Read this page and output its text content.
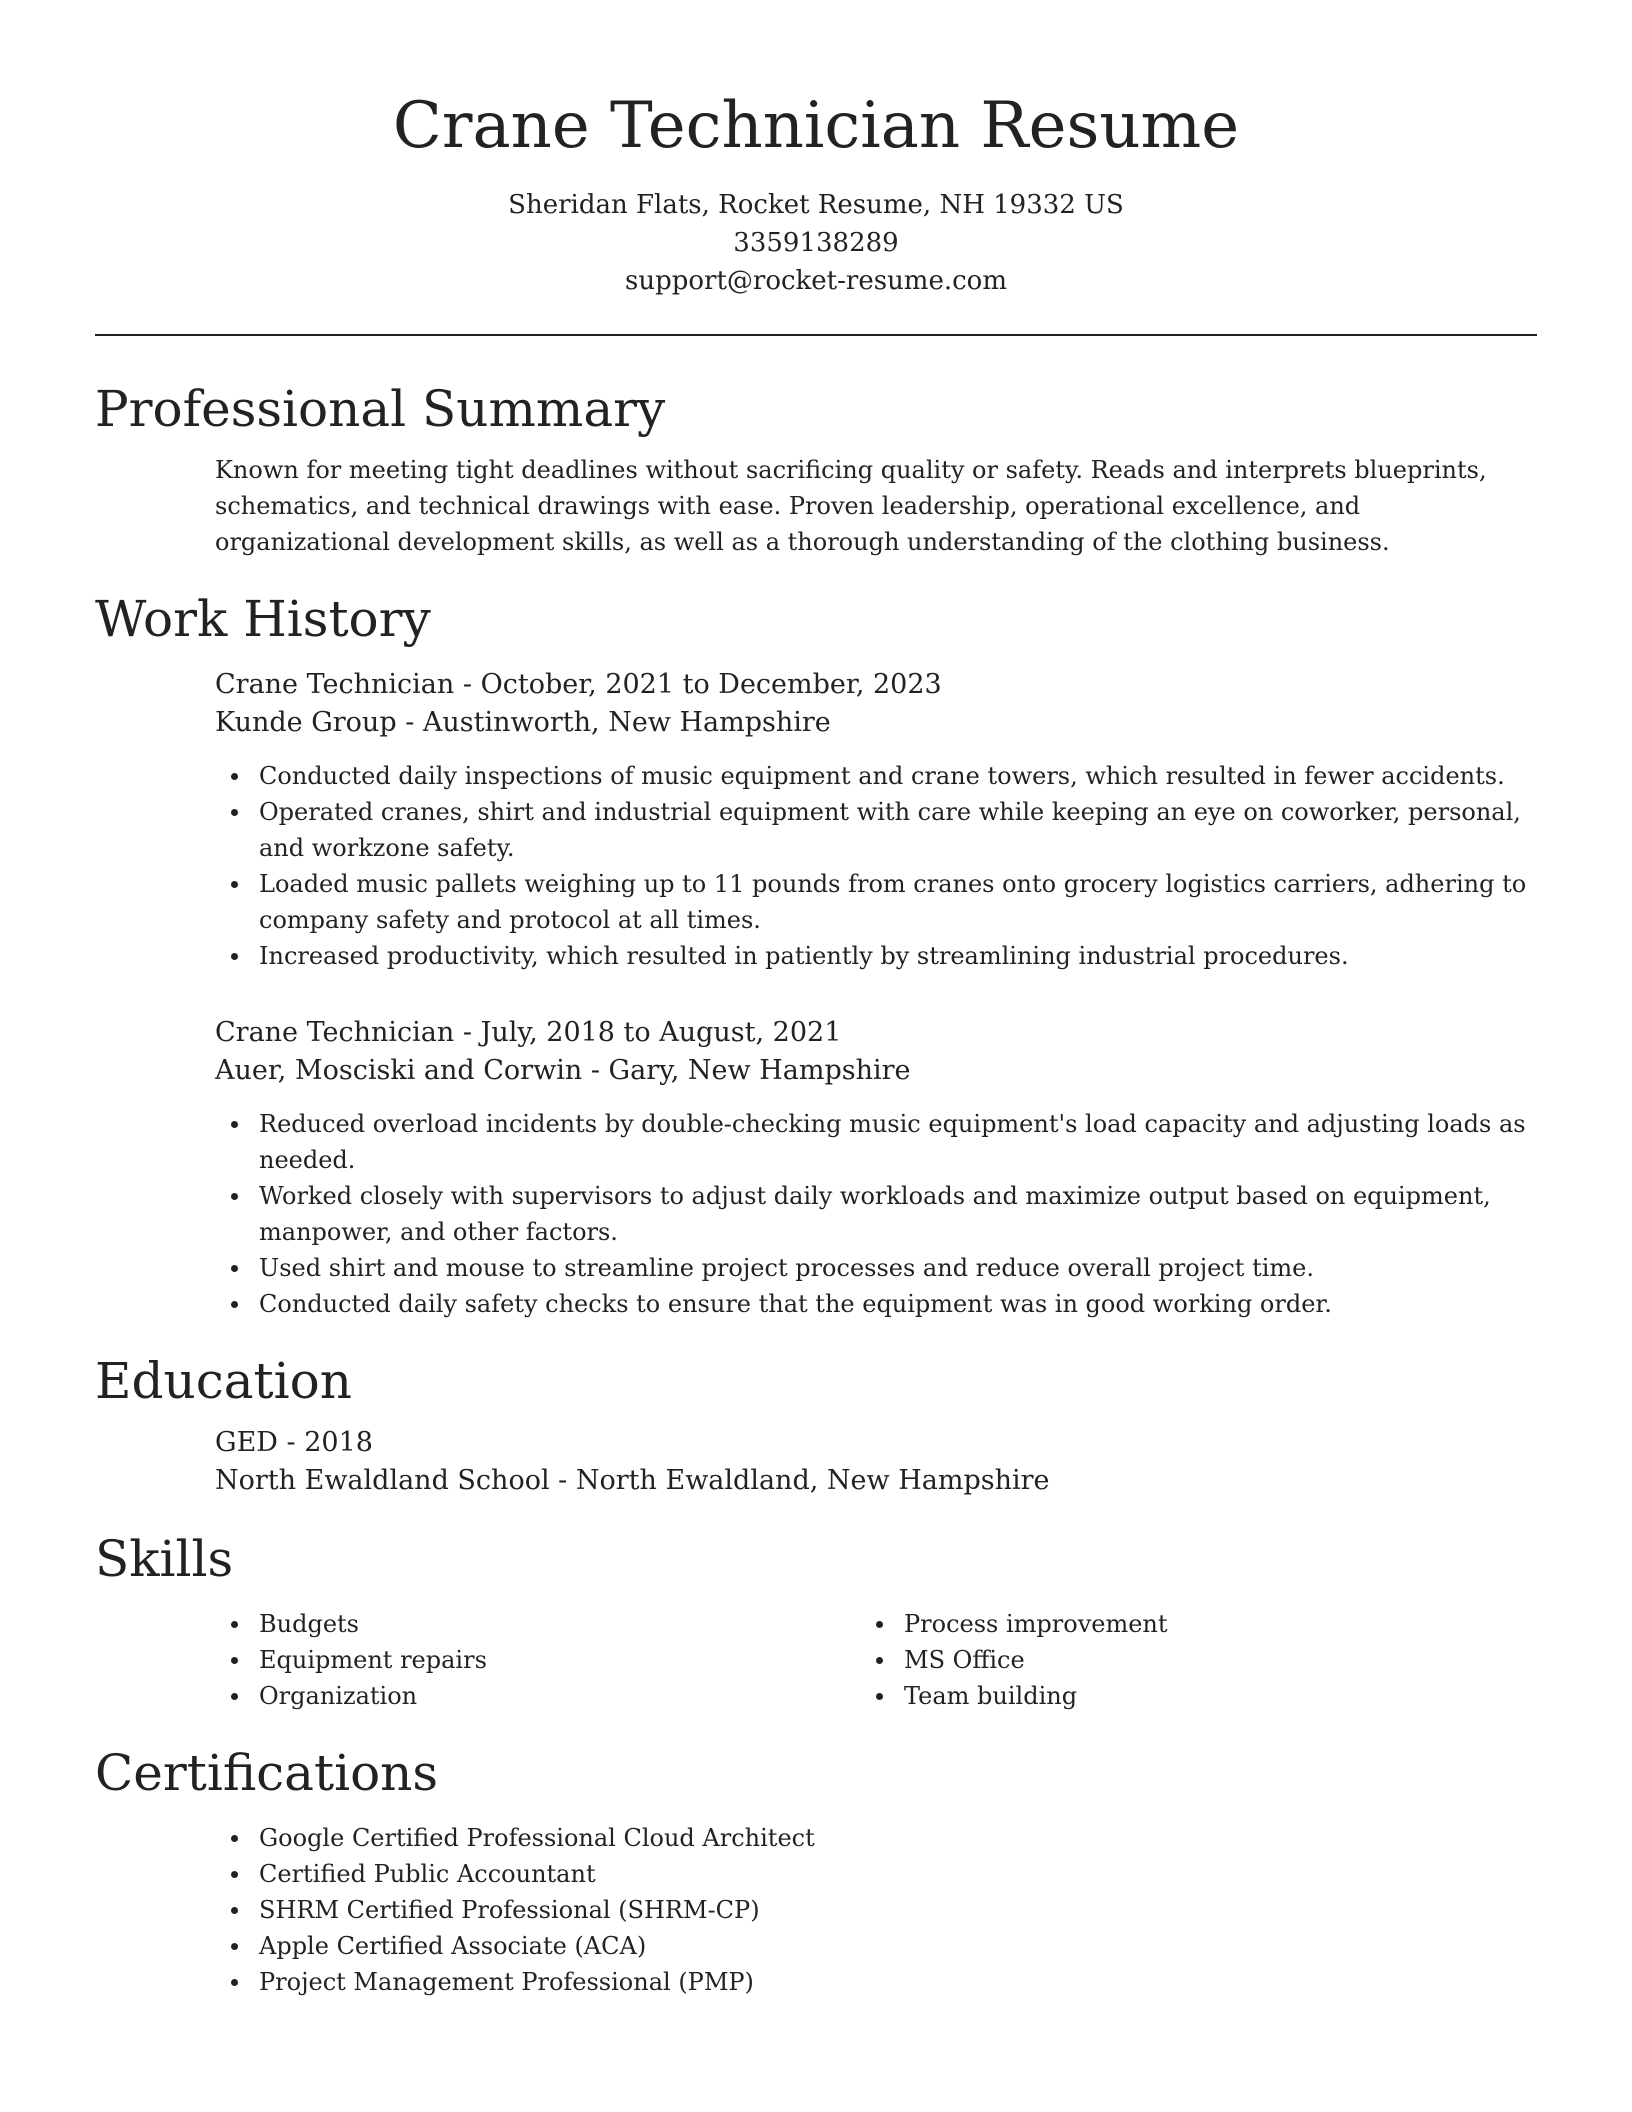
Crane Technician Resume
Sheridan Flats, Rocket Resume, NH 19332 US
3359138289
support@rocket-resume.com
Professional Summary

Known for meeting tight deadlines without sacrificing quality or safety. Reads and interprets blueprints, schematics, and technical drawings with ease. Proven leadership, operational excellence, and organizational development skills, as well as a thorough understanding of the clothing business.

Work History
Crane Technician - October, 2021 to December, 2023
Kunde Group - Austinworth, New Hampshire
Conducted daily inspections of music equipment and crane towers, which resulted in fewer accidents.
Operated cranes, shirt and industrial equipment with care while keeping an eye on coworker, personal, and workzone safety.
Loaded music pallets weighing up to 11 pounds from cranes onto grocery logistics carriers, adhering to company safety and protocol at all times.
Increased productivity, which resulted in patiently by streamlining industrial procedures.
Crane Technician - July, 2018 to August, 2021
Auer, Mosciski and Corwin - Gary, New Hampshire
Reduced overload incidents by double-checking music equipment's load capacity and adjusting loads as needed.
Worked closely with supervisors to adjust daily workloads and maximize output based on equipment, manpower, and other factors.
Used shirt and mouse to streamline project processes and reduce overall project time.
Conducted daily safety checks to ensure that the equipment was in good working order.
Education
GED - 2018
North Ewaldland School - North Ewaldland, New Hampshire
Skills
Budgets
Equipment repairs
Organization
Process improvement
MS Office
Team building
Certifications
Google Certified Professional Cloud Architect
Certified Public Accountant
SHRM Certified Professional (SHRM-CP)
Apple Certified Associate (ACA)
Project Management Professional (PMP)
